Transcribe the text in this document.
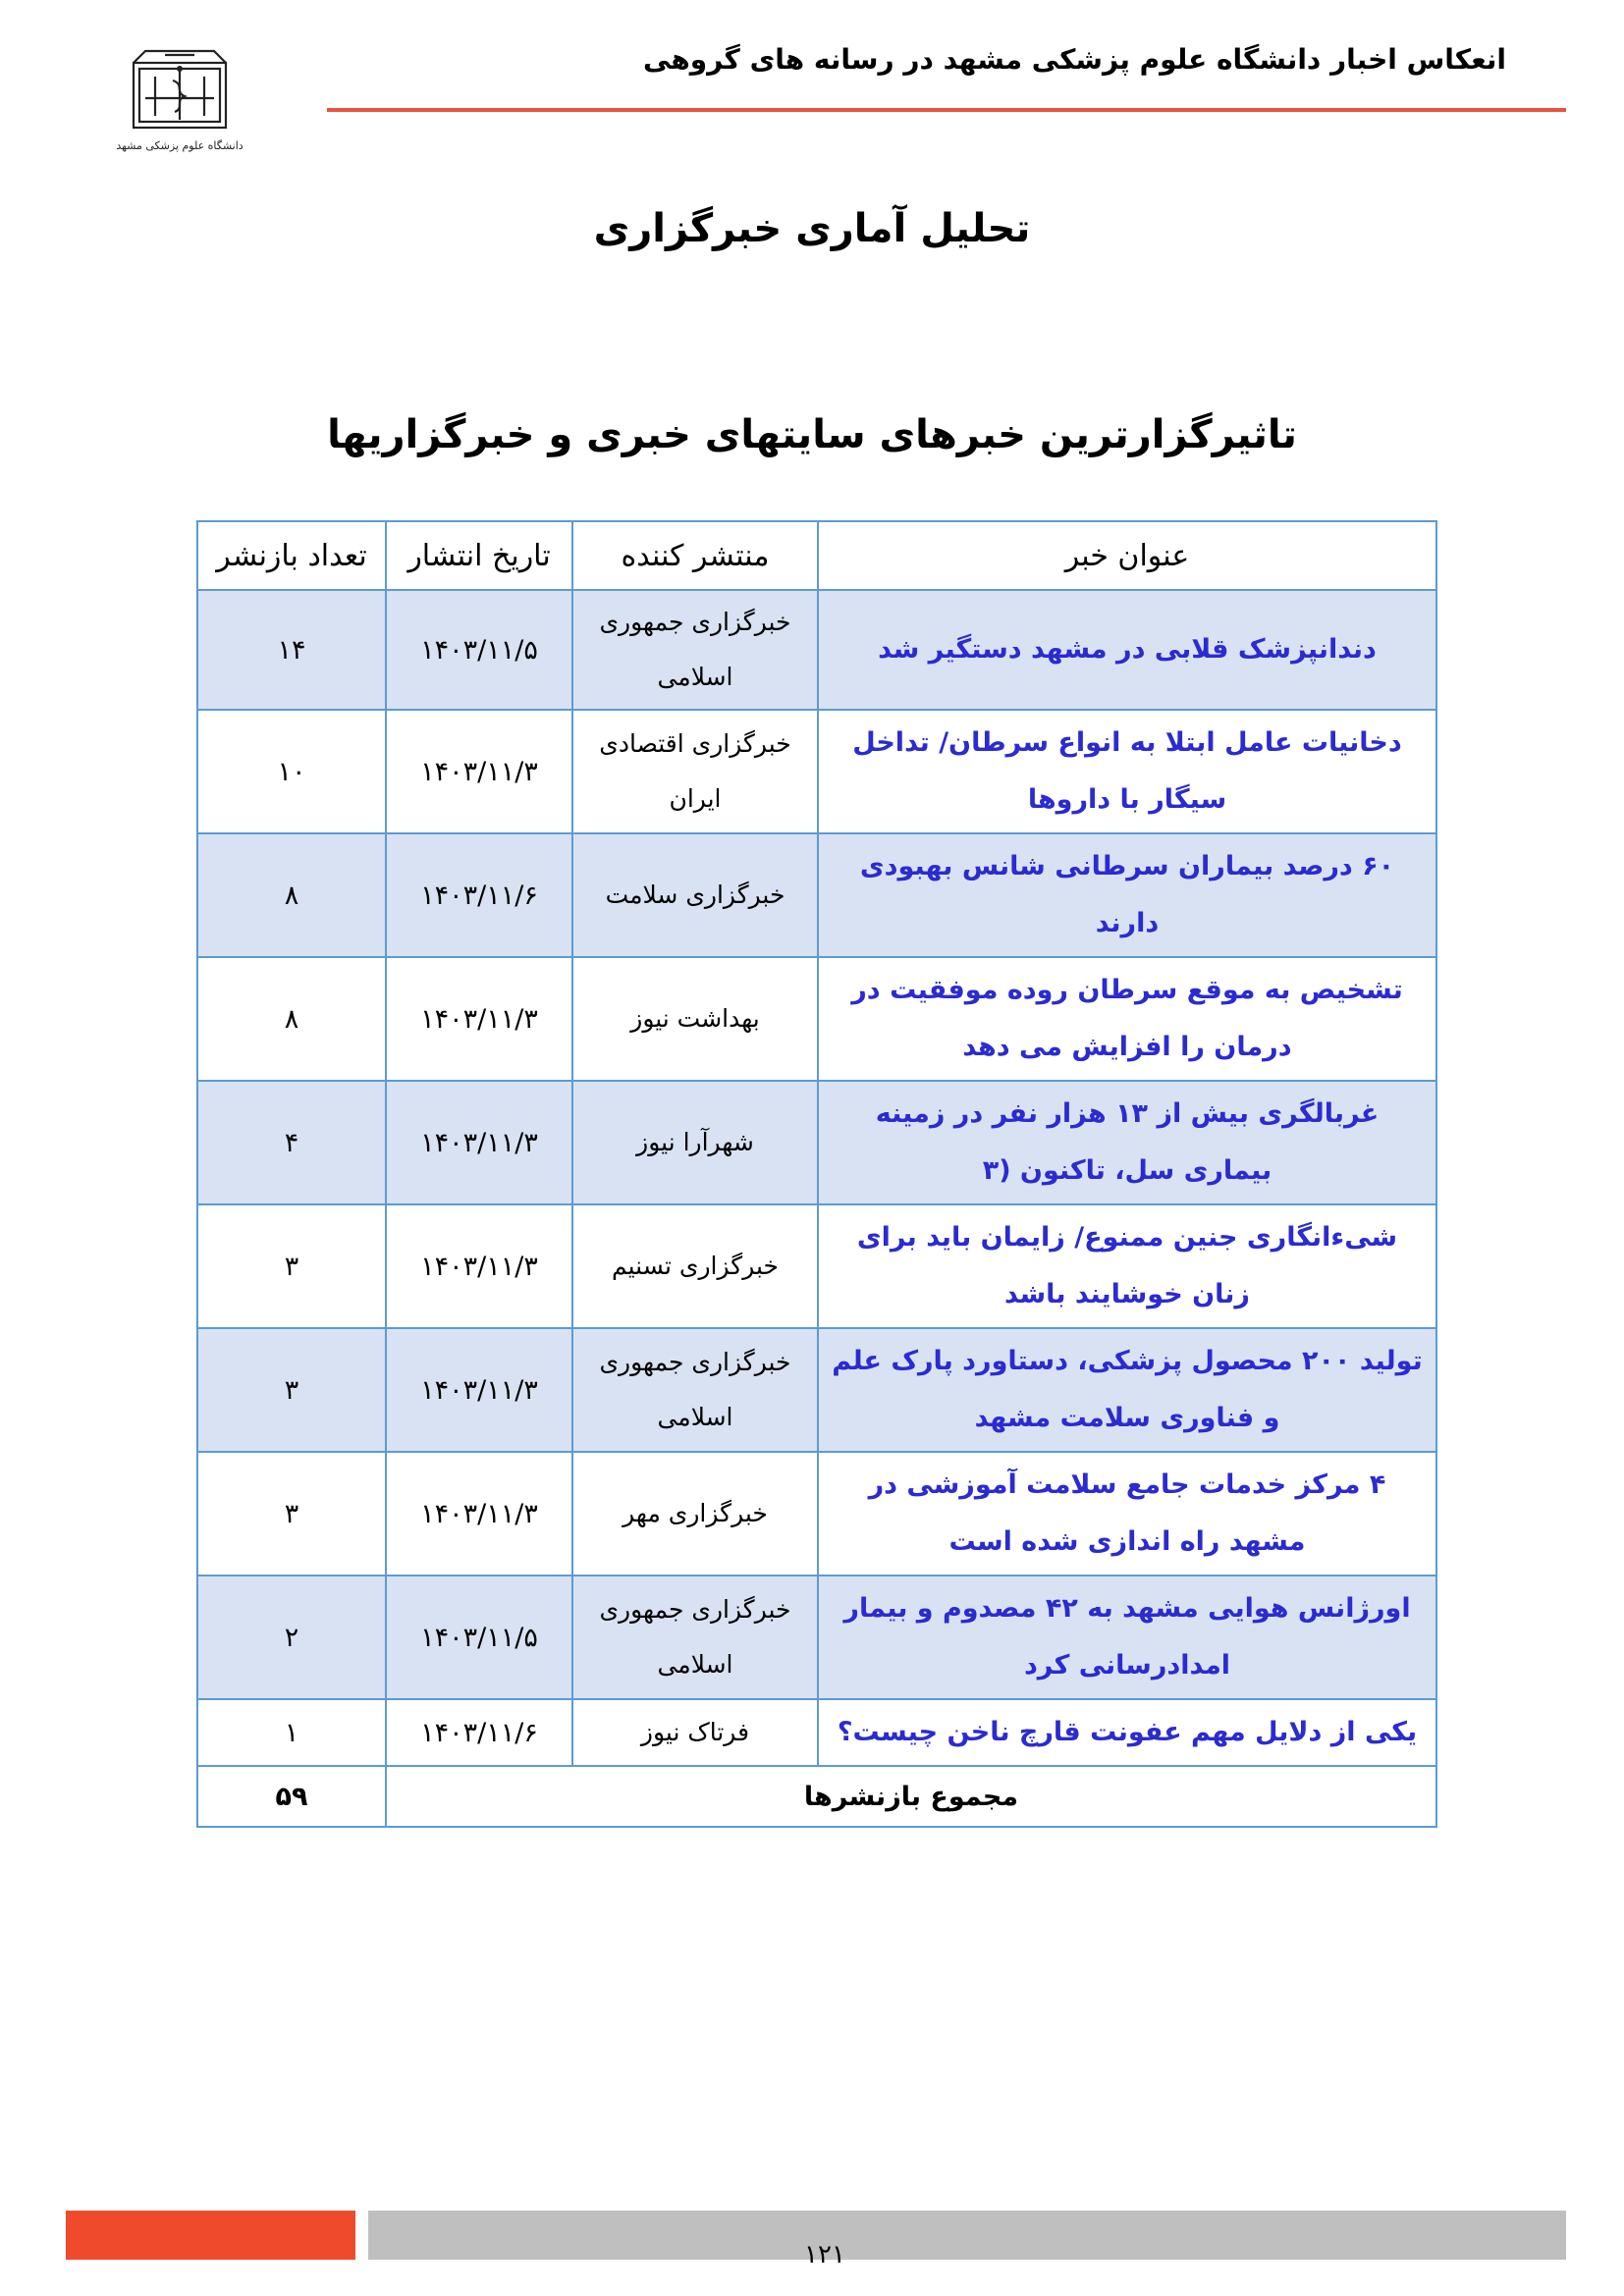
انعکاس اخبار دانشگاه علوم پزشکی مشهد در رسانه های گروهی
دانشگاه علوم پزشکی مشهد
تحلیل آماری خبرگزاری
تاثیرگزارترین خبرهای سایتهای خبری و خبرگزاریها
عنوان خبر	منتشر کننده	تاریخ انتشار	تعداد بازنشر
دندانپزشک قلابی در مشهد دستگیر شد	خبرگزاری جمهوری اسلامی	۱۴۰۳/۱۱/۵	۱۴
دخانیات عامل ابتلا به انواع سرطان/ تداخل سیگار با داروها	خبرگزاری اقتصادی ایران	۱۴۰۳/۱۱/۳	۱۰
۶۰ درصد بیماران سرطانی شانس بهبودی دارند	خبرگزاری سلامت	۱۴۰۳/۱۱/۶	۸
تشخیص به موقع سرطان روده موفقیت در درمان را افزایش می دهد	بهداشت نیوز	۱۴۰۳/۱۱/۳	۸
غربالگری بیش از ۱۳ هزار نفر در زمینه بیماری سل، تاکنون (۳	شهرآرا نیوز	۱۴۰۳/۱۱/۳	۴
شیءانگاری جنین ممنوع/ زایمان باید برای زنان خوشایند باشد	خبرگزاری تسنیم	۱۴۰۳/۱۱/۳	۳
تولید ۲۰۰ محصول پزشکی، دستاورد پارک علم و فناوری سلامت مشهد	خبرگزاری جمهوری اسلامی	۱۴۰۳/۱۱/۳	۳
۴ مرکز خدمات جامع سلامت آموزشی در مشهد راه اندازی شده است	خبرگزاری مهر	۱۴۰۳/۱۱/۳	۳
اورژانس هوایی مشهد به ۴۲ مصدوم و بیمار امدادرسانی کرد	خبرگزاری جمهوری اسلامی	۱۴۰۳/۱۱/۵	۲
یکی از دلایل مهم عفونت قارچ ناخن چیست؟	فرتاک نیوز	۱۴۰۳/۱۱/۶	۱
مجموع بازنشرها			۵۹
۱۲۱
